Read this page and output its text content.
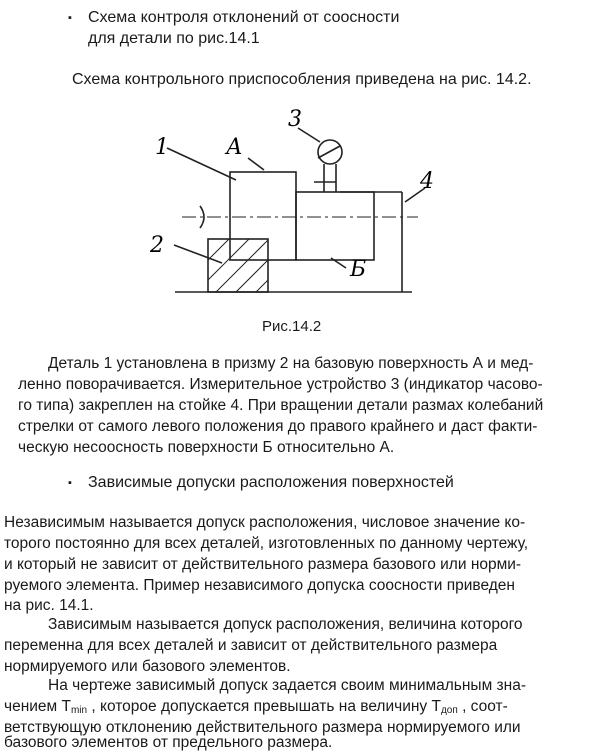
▪ Схема контроля отклонений от соосности
для детали по рис.14.1
Схема контрольного приспособления приведена на рис. 14.2.
1
2
3
4
А
Б
Рис.14.2
Деталь 1 установлена в призму 2 на базовую поверхность А и мед-
ленно поворачивается. Измерительное устройство 3 (индикатор часово-
го типа) закреплен на стойке 4. При вращении детали размах колебаний
стрелки от самого левого положения до правого крайнего и даст факти-
ческую несоосность поверхности Б относительно А.
▪ Зависимые допуски расположения поверхностей
Независимым называется допуск расположения, числовое значение ко-
торого постоянно для всех деталей, изготовленных по данному чертежу,
и который не зависит от действительного размера базового или норми-
руемого элемента. Пример независимого допуска соосности приведен
на рис. 14.1.
Зависимым называется допуск расположения, величина которого
переменна для всех деталей и зависит от действительного размера
нормируемого или базового элементов.
На чертеже зависимый допуск задается своим минимальным зна-
чением $T_{min}$ , которое допускается превышать на величину $T_{доп}$ , соот-
ветствующую отклонению действительного размера нормируемого или
базового элементов от предельного размера.
